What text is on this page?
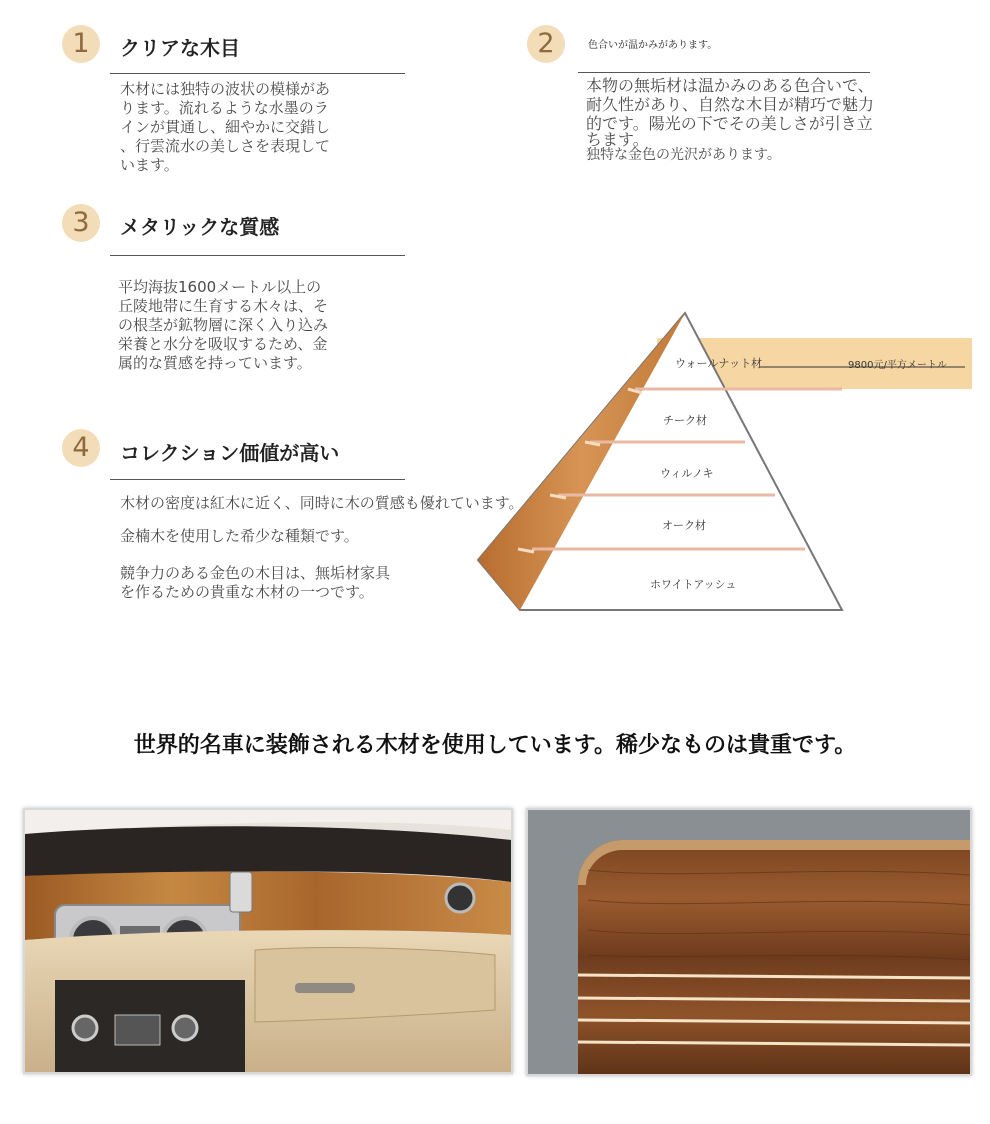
1	クリアな木目
木材には独特の波状の模様があ
ります。流れるような水墨のラ
インが貫通し、細やかに交錯し
、行雲流水の美しさを表現して
います。
2	色合いが温かみがあります。
本物の無垢材は温かみのある色合いで、
耐久性があり、自然な木目が精巧で魅力
的です。陽光の下でその美しさが引き立
ちます。
独特な金色の光沢があります。
3	メタリックな質感
平均海抜1600メートル以上の
丘陵地帯に生育する木々は、そ
の根茎が鉱物層に深く入り込み
栄養と水分を吸収するため、金
属的な質感を持っています。
4	コレクション価値が高い
木材の密度は紅木に近く、同時に木の質感も優れています。
金楠木を使用した希少な種類です。
競争力のある金色の木目は、無垢材家具
を作るための貴重な木材の一つです。
ウォールナット材	9800元/平方メートル
チーク材
ウィルノキ
オーク材
ホワイトアッシュ
世界的名車に装飾される木材を使用しています。稀少なものは貴重です。
